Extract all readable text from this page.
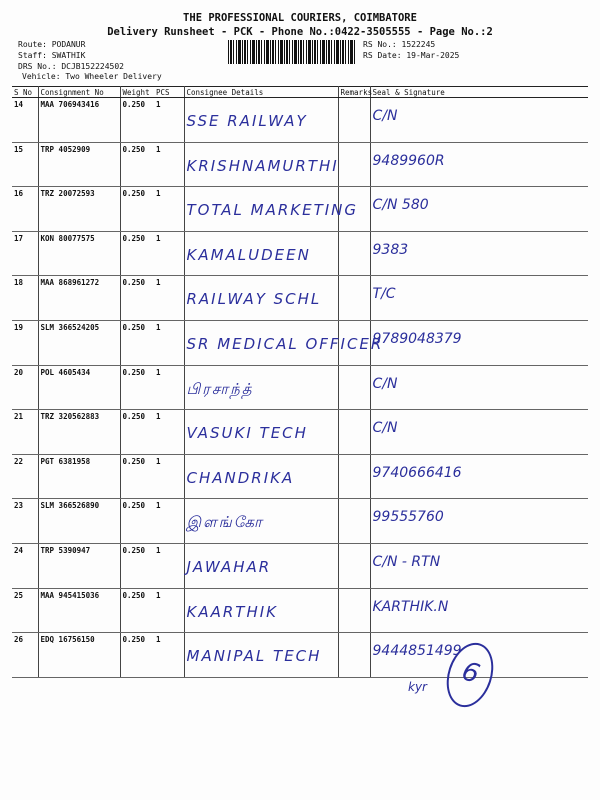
THE PROFESSIONAL COURIERS, COIMBATORE
Delivery Runsheet - PCK - Phone No.:0422-3505555 - Page No.:2
Route: PODANUR
Staff: SWATHIK
DRS No.: DCJB152224502
Vehicle: Two Wheeler Delivery
RS No.: 1522245
RS Date: 19-Mar-2025
S No	Consignment No	Weight	PCS	Consignee Details	Remarks	Seal & Signature
14	MAA 706943416	0.250	1	SSE RAILWAY		C/N

15	TRP 4052909	0.250	1	KRISHNAMURTHI		9489960R

16	TRZ 20072593	0.250	1	TOTAL MARKETING		C/N 580

17	KON 80077575	0.250	1	KAMALUDEEN		9383

18	MAA 868961272	0.250	1	RAILWAY SCHL		T/C

19	SLM 366524205	0.250	1	SR MEDICAL OFFICER		9789048379

20	POL 4605434	0.250	1	பிரசாந்த்		C/N

21	TRZ 320562883	0.250	1	VASUKI TECH		C/N

22	PGT 6381958	0.250	1	CHANDRIKA		9740666416

23	SLM 366526890	0.250	1	இளங்கோ		99555760

24	TRP 5390947	0.250	1	JAWAHAR		C/N - RTN

25	MAA 945415036	0.250	1	KAARTHIK		KARTHIK.N

26	EDQ 16756150	0.250	1	MANIPAL TECH		9444851499
6
kyr
